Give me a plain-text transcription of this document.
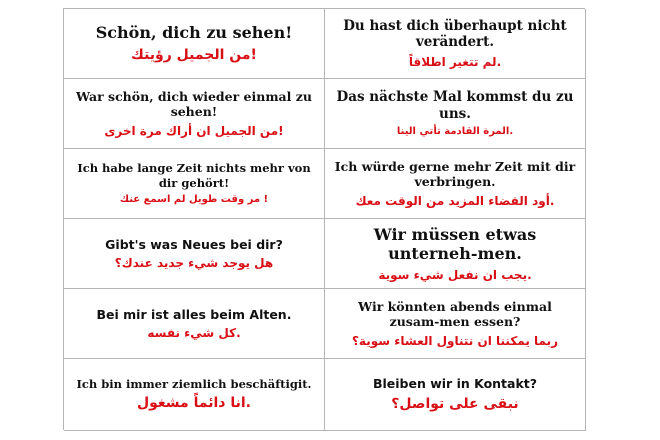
Schön, dich zu sehen!
!من الجميل رؤيتك
Du hast dich überhaupt nicht verändert.
.لم تتغير اطلاقاً
War schön, dich wieder einmal zu sehen!
!من الجميل ان أراك مرة اخرى
Das nächste Mal kommst du zu uns.
.المرة القادمة تأتي الينا
Ich habe lange Zeit nichts mehr von dir gehört!
! مر وقت طويل لم اسمع عنك
Ich würde gerne mehr Zeit mit dir verbringen.
.أود القضاء المزيد من الوقت معك
Gibt's was Neues bei dir?
هل يوجد شيء جديد عندك؟
Wir müssen etwas unterneh-men.
.يجب ان نفعل شيء سوية
Bei mir ist alles beim Alten.
.كل شيء نفسه
Wir könnten abends einmal zusam-men essen?
ربما يمكننا ان نتناول العشاء سوية؟
Ich bin immer ziemlich beschäftigit.
.انا دائماً مشغول
Bleiben wir in Kontakt?
نبقى على تواصل؟
